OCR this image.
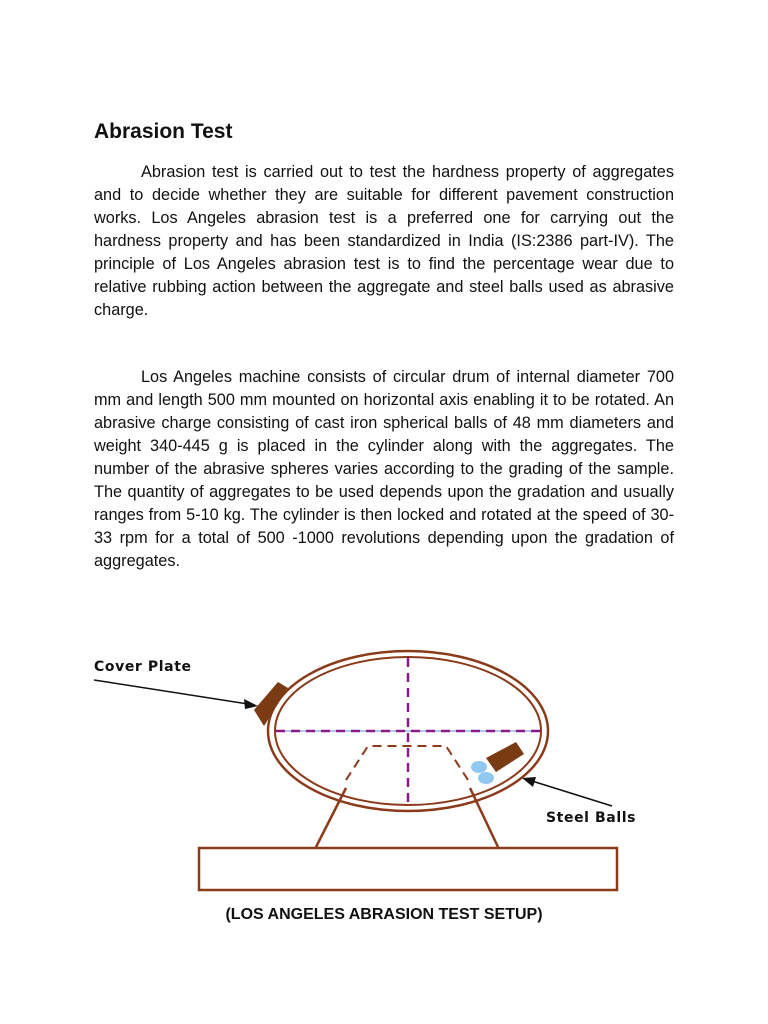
Abrasion Test

Abrasion test is carried out to test the hardness property of aggregates and to decide whether they are suitable for different pavement construction works. Los Angeles abrasion test is a preferred one for carrying out the hardness property and has been standardized in India (IS:2386 part-IV). The principle of Los Angeles abrasion test is to find the percentage wear due to relative rubbing action between the aggregate and steel balls used as abrasive charge.

Los Angeles machine consists of circular drum of internal diameter 700 mm and length 500 mm mounted on horizontal axis enabling it to be rotated. An abrasive charge consisting of cast iron spherical balls of 48 mm diameters and weight 340-445 g is placed in the cylinder along with the aggregates. The number of the abrasive spheres varies according to the grading of the sample. The quantity of aggregates to be used depends upon the gradation and usually ranges from 5-10 kg. The cylinder is then locked and rotated at the speed of 30-33 rpm for a total of 500 -1000 revolutions depending upon the gradation of aggregates.

Cover Plate
Steel Balls

(LOS ANGELES ABRASION TEST SETUP)
